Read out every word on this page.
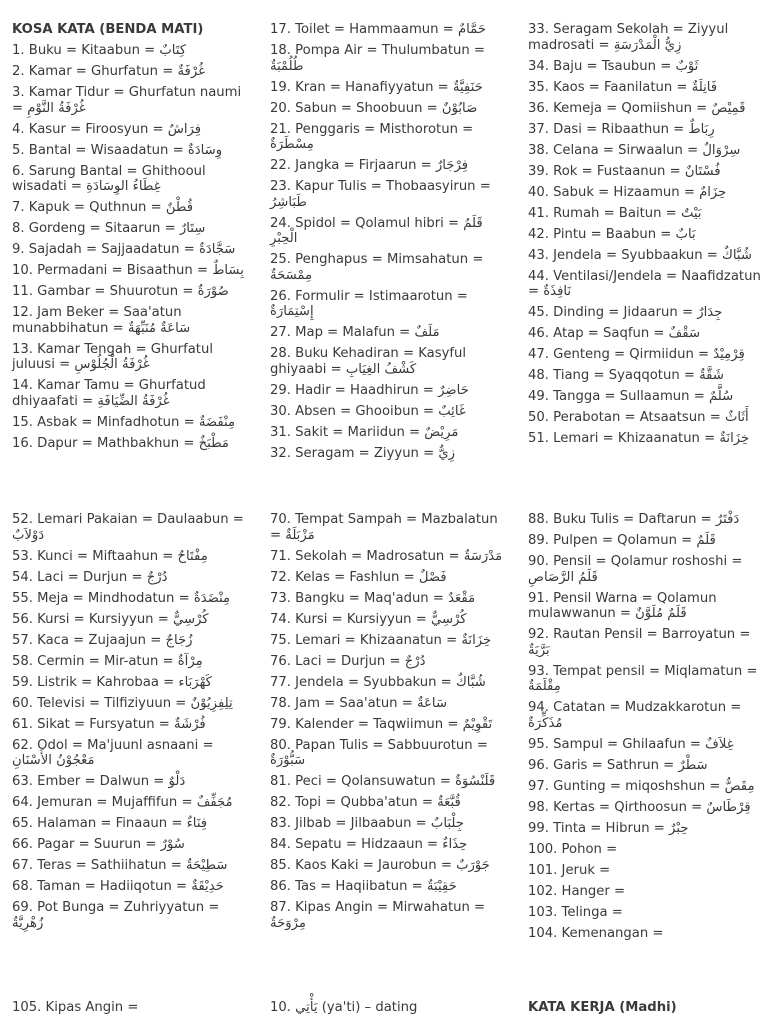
KOSA KATA (BENDA MATI)
1. Buku = Kitaabun = كِتَابٌ
2. Kamar = Ghurfatun = غُرْفَةٌ
3. Kamar Tidur = Ghurfatun naumi = غُرْفَةُ النَّوْمِ
4. Kasur = Firoosyun = فِرَاشٌ
5. Bantal = Wisaadatun = وِسَادَةٌ
6. Sarung Bantal = Ghithooul wisadati = غِطَاءُ الوِسَادَةِ
7. Kapuk = Quthnun = قُطْنٌ
8. Gordeng = Sitaarun = سِتَارٌ
9. Sajadah = Sajjaadatun = سَجَّادَةٌ
10. Permadani = Bisaathun = بِسَاطٌ
11. Gambar = Shuurotun = صُوْرَةٌ
12. Jam Beker = Saa'atun munabbihatun = سَاعَةٌ مُنَبِّهَةٌ
13. Kamar Tengah = Ghurfatul juluusi = غُرْفَةُ الْجُلُوْسِ
14. Kamar Tamu = Ghurfatud dhiyaafati = غُرْفَةُ الضِّيَافَةِ
15. Asbak = Minfadhotun = مِنْفَضَةٌ
16. Dapur = Mathbakhun = مَطْبَخٌ
17. Toilet = Hammaamun = حَمَّامٌ
18. Pompa Air = Thulumbatun = طُلُمْبَةٌ
19. Kran = Hanafiyyatun = حَنَفِيَّةٌ
20. Sabun = Shoobuun = صَابُوْنٌ
21. Penggaris = Misthorotun = مِسْطَرَةٌ
22. Jangka = Firjaarun = فِرْجَارٌ
23. Kapur Tulis = Thobaasyirun = طَبَاشِرُ
24. Spidol = Qolamul hibri = قَلَمُ الْحِبْرِ
25. Penghapus = Mimsahatun = مِمْسَحَةٌ
26. Formulir = Istimaarotun = إِسْتِمَارَةٌ
27. Map = Malafun = مَلَفٌ
28. Buku Kehadiran = Kasyful ghiyaabi = كَشْفُ الغِيَابِ
29. Hadir = Haadhirun = حَاضِرٌ
30. Absen = Ghooibun = غَائِبٌ
31. Sakit = Mariidun = مَرِيْضٌ
32. Seragam = Ziyyun = زِيٌّ
33. Seragam Sekolah = Ziyyul madrosati = زِيُّ الْمَدْرَسَةِ
34. Baju = Tsaubun = ثَوْبٌ
35. Kaos = Faanilatun = فَانِلَةٌ
36. Kemeja = Qomiishun = قَمِيْصٌ
37. Dasi = Ribaathun = رِبَاطٌ
38. Celana = Sirwaalun = سِرْوَالٌ
39. Rok = Fustaanun = فُسْتَانٌ
40. Sabuk = Hizaamun = حِزَامٌ
41. Rumah = Baitun = بَيْتٌ
42. Pintu = Baabun = بَابٌ
43. Jendela = Syubbaakun = شُبَّاكٌ
44. Ventilasi/Jendela = Naafidzatun = نَافِذَةٌ
45. Dinding = Jidaarun = جِدَارٌ
46. Atap = Saqfun = سَقْفٌ
47. Genteng = Qirmiidun = قِرْمِيْدٌ
48. Tiang = Syaqqotun = شَقَّةٌ
49. Tangga = Sullaamun = سُلَّمٌ
50. Perabotan = Atsaatsun = أَثَاثٌ
51. Lemari = Khizaanatun = خِزَانَةٌ
52. Lemari Pakaian = Daulaabun = دَوْلاَبٌ
53. Kunci = Miftaahun = مِفْتَاحٌ
54. Laci = Durjun = دُرْجٌ
55. Meja = Mindhodatun = مِنْضَدَةٌ
56. Kursi = Kursiyyun = كُرْسِيٌّ
57. Kaca = Zujaajun = زُجَاجٌ
58. Cermin = Mir-atun = مِرْآةٌ
59. Listrik = Kahrobaa = كَهْرَبَاء
60. Televisi = Tilfiziyuun = تِلِفِزِيُوْنٌ
61. Sikat = Fursyatun = فُرْشَةٌ
62. Odol = Ma'juunl asnaani = مَعْجُوْنُ الأَسْنَانِ
63. Ember = Dalwun = دَلْوٌ
64. Jemuran = Mujaffifun = مُجَفِّفٌ
65. Halaman = Finaaun = فِنَاءٌ
66. Pagar = Suurun = سُوْرٌ
67. Teras = Sathiihatun = سَطِيْحَةٌ
68. Taman = Hadiiqotun = حَدِيْقَةٌ
69. Pot Bunga = Zuhriyyatun = زُهْرِيَّةٌ
70. Tempat Sampah = Mazbalatun = مَزْبَلَةٌ
71. Sekolah = Madrosatun = مَدْرَسَةٌ
72. Kelas = Fashlun = فَصْلٌ
73. Bangku = Maq'adun = مَقْعَدٌ
74. Kursi = Kursiyyun = كُرْسِيٌّ
75. Lemari = Khizaanatun = خِزَانَةٌ
76. Laci = Durjun = دُرْجٌ
77. Jendela = Syubbakun = شُبَّاكٌ
78. Jam = Saa'atun = سَاعَةٌ
79. Kalender = Taqwiimun = تَقْوِيْمٌ
80. Papan Tulis = Sabbuurotun = سَبُّوْرَةٌ
81. Peci = Qolansuwatun = قَلَنْسُوَةٌ
82. Topi = Qubba'atun = قُبَّعَةٌ
83. Jilbab = Jilbaabun = جِلْبَابٌ
84. Sepatu = Hidzaaun = حِذَاءٌ
85. Kaos Kaki = Jaurobun = جَوْرَبٌ
86. Tas = Haqiibatun = حَقِيْبَةٌ
87. Kipas Angin = Mirwahatun = مِرْوَحَةٌ
88. Buku Tulis = Daftarun = دَفْتَرٌ
89. Pulpen = Qolamun = قَلَمٌ
90. Pensil = Qolamur roshoshi = قَلَمُ الرَّصَاصِ
91. Pensil Warna = Qolamun mulawwanun = قَلَمٌ مُلَوَّنٌ
92. Rautan Pensil = Barroyatun = بَرَّيَةٌ
93. Tempat pensil = Miqlamatun = مِقْلَمَةٌ
94. Catatan = Mudzakkarotun = مُذَكِّرَةٌ
95. Sampul = Ghilaafun = غِلاَفٌ
96. Garis = Sathrun = سَطْرٌ
97. Gunting = miqoshshun = مِقَصٌّ
98. Kertas = Qirthoosun = قِرْطَاسٌ
99. Tinta = Hibrun = حِبْرٌ
100. Pohon =
101. Jeruk =
102. Hanger =
103. Telinga =
104. Kemenangan =
105. Kipas Angin =	10. يَأْتِي (ya'ti) – dating	KATA KERJA (Madhi)
